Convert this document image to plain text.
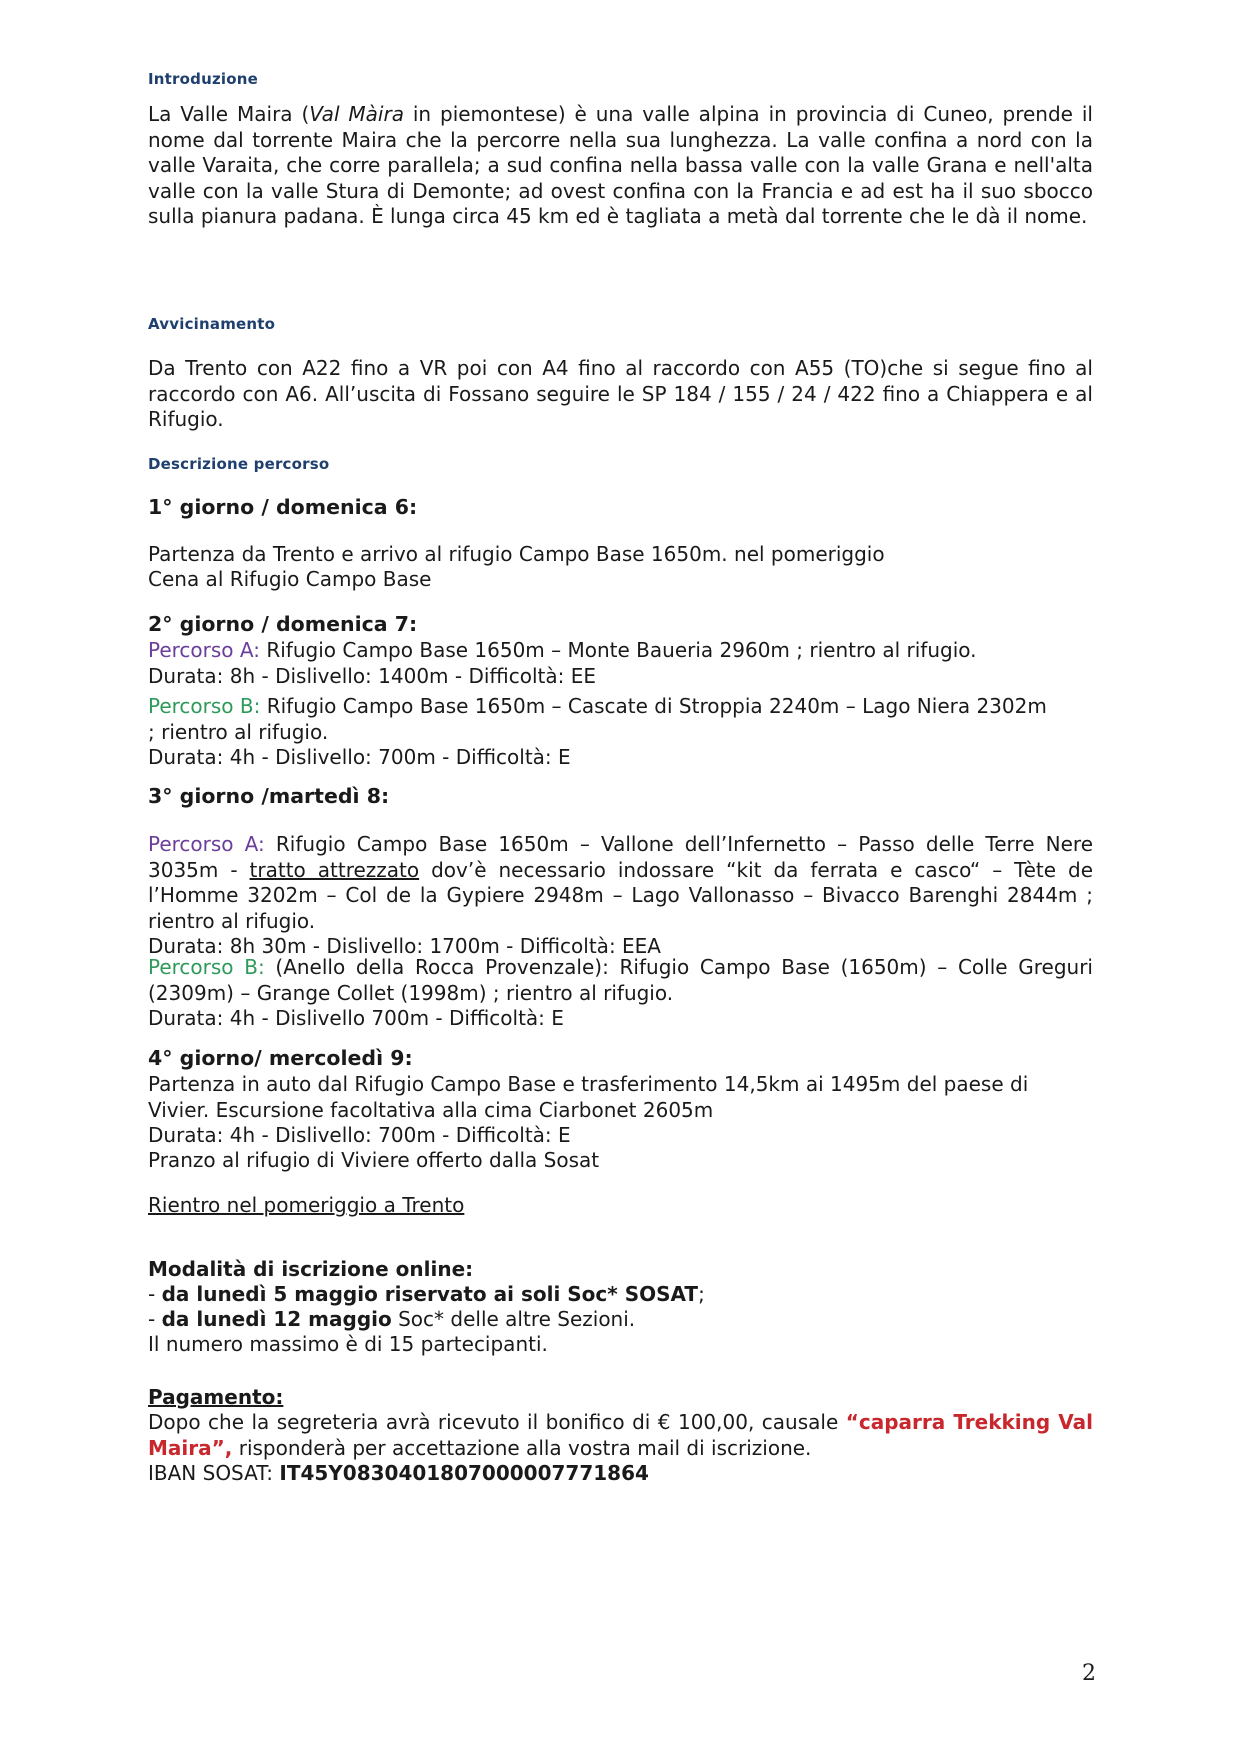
Introduzione

La Valle Maira (Val Màira in piemontese) è una valle alpina in provincia di Cuneo, prende il nome dal torrente Maira che la percorre nella sua lunghezza. La valle confina a nord con la valle Varaita, che corre parallela; a sud confina nella bassa valle con la valle Grana e nell'alta valle con la valle Stura di Demonte; ad ovest confina con la Francia e ad est ha il suo sbocco sulla pianura padana. È lunga circa 45 km ed è tagliata a metà dal torrente che le dà il nome.

Avvicinamento

Da Trento con A22 fino a VR poi con A4 fino al raccordo con A55 (TO)che si segue fino al raccordo con A6. All’uscita di Fossano seguire le SP 184 / 155 / 24 / 422 fino a Chiappera e al Rifugio.

Descrizione percorso
1° giorno / domenica 6:

Partenza da Trento e arrivo al rifugio Campo Base 1650m. nel pomeriggio

Cena al Rifugio Campo Base

2° giorno / domenica 7:

Percorso A: Rifugio Campo Base 1650m – Monte Baueria 2960m ; rientro al rifugio.
Durata: 8h - Dislivello: 1400m - Difficoltà: EE

Percorso B: Rifugio Campo Base 1650m – Cascate di Stroppia 2240m – Lago Niera 2302m ; rientro al rifugio.
Durata: 4h - Dislivello: 700m - Difficoltà: E

3° giorno /martedì 8:

Percorso A: Rifugio Campo Base 1650m – Vallone dell’Infernetto – Passo delle Terre Nere 3035m - tratto attrezzato dov’è necessario indossare “kit da ferrata e casco“ – Tète de l’Homme 3202m – Col de la Gypiere 2948m – Lago Vallonasso – Bivacco Barenghi 2844m ; rientro al rifugio.
Durata: 8h 30m - Dislivello: 1700m - Difficoltà: EEA

Percorso B: (Anello della Rocca Provenzale): Rifugio Campo Base (1650m) – Colle Greguri (2309m) – Grange Collet (1998m) ; rientro al rifugio.
Durata: 4h - Dislivello 700m - Difficoltà: E

4° giorno/ mercoledì 9:

Partenza in auto dal Rifugio Campo Base e trasferimento 14,5km ai 1495m del paese di Vivier. Escursione facoltativa alla cima Ciarbonet 2605m

Durata: 4h - Dislivello: 700m - Difficoltà: E

Pranzo al rifugio di Viviere offerto dalla Sosat

Rientro nel pomeriggio a Trento

Modalità di iscrizione online:

- da lunedì 5 maggio riservato ai soli Soc* SOSAT;

- da lunedì 12 maggio Soc* delle altre Sezioni.

Il numero massimo è di 15 partecipanti.

Pagamento:

Dopo che la segreteria avrà ricevuto il bonifico di € 100,00, causale “caparra Trekking Val Maira”, risponderà per accettazione alla vostra mail di iscrizione.

IBAN SOSAT: IT45Y0830401807000007771864

2
